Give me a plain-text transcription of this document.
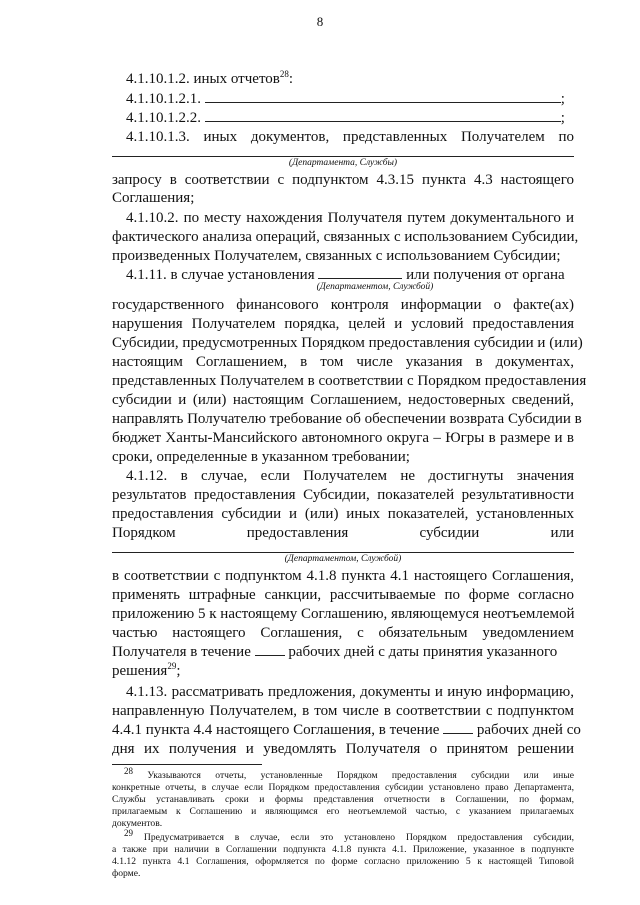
8
4.1.10.1.2. иных отчетов$^{28}$:
4.1.10.1.2.1.	;
4.1.10.1.2.2.	;
4.1.10.1.3. иных документов, представленных Получателем по
(Департамента, Службы)
запросу в соответствии с подпунктом 4.3.15 пункта 4.3 настоящего
Соглашения;
4.1.10.2. по месту нахождения Получателя путем документального и
фактического анализа операций, связанных с использованием Субсидии,
произведенных Получателем, связанных с использованием Субсидии;
4.1.11. в случае установления	или получения от органа
(Департаментом, Службой)
государственного финансового контроля информации о факте(ах)
нарушения Получателем порядка, целей и условий предоставления
Субсидии, предусмотренных Порядком предоставления субсидии и (или)
настоящим Соглашением, в том числе указания в документах,
представленных Получателем в соответствии с Порядком предоставления
субсидии и (или) настоящим Соглашением, недостоверных сведений,
направлять Получателю требование об обеспечении возврата Субсидии в
бюджет Ханты-Мансийского автономного округа – Югры в размере и в
сроки, определенные в указанном требовании;
4.1.12. в случае, если Получателем не достигнуты значения
результатов предоставления Субсидии, показателей результативности
предоставления субсидии и (или) иных показателей, установленных
Порядком предоставления субсидии или
(Департаментом, Службой)
в соответствии с подпунктом 4.1.8 пункта 4.1 настоящего Соглашения,
применять штрафные санкции, рассчитываемые по форме согласно
приложению 5 к настоящему Соглашению, являющемуся неотъемлемой
частью настоящего Соглашения, с обязательным уведомлением
Получателя в течение	рабочих дней с даты принятия указанного
решения$^{29}$;
4.1.13. рассматривать предложения, документы и иную информацию,
направленную Получателем, в том числе в соответствии с подпунктом
4.4.1 пункта 4.4 настоящего Соглашения, в течение	рабочих дней со
дня их получения и уведомлять Получателя о принятом решении
28 Указываются отчеты, установленные Порядком предоставления субсидии или иные
конкретные отчеты, в случае если Порядком предоставления субсидии установлено право Департамента,
Службы устанавливать сроки и формы представления отчетности в Соглашении, по формам,
прилагаемым к Соглашению и являющимся его неотъемлемой частью, с указанием прилагаемых
документов.
29 Предусматривается в случае, если это установлено Порядком предоставления субсидии,
а также при наличии в Соглашении подпункта 4.1.8 пункта 4.1. Приложение, указанное в подпункте
4.1.12 пункта 4.1 Соглашения, оформляется по форме согласно приложению 5 к настоящей Типовой
форме.
